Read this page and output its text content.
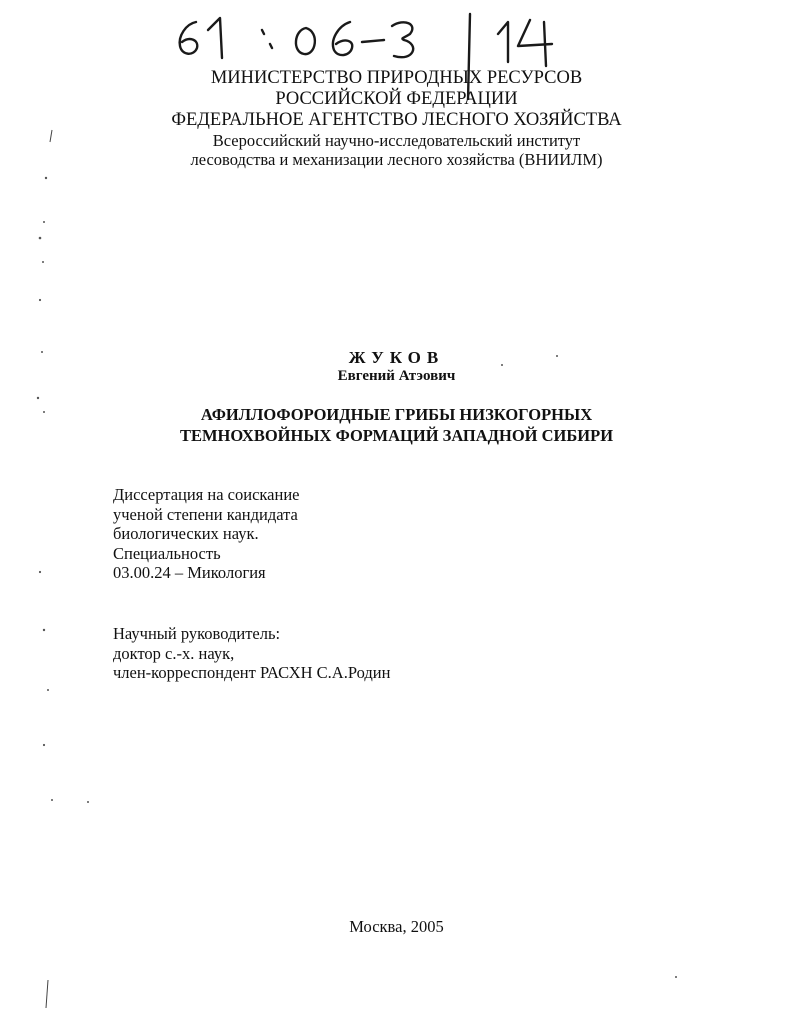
МИНИСТЕРСТВО ПРИРОДНЫХ РЕСУРСОВ
РОССИЙСКОЙ ФЕДЕРАЦИИ
ФЕДЕРАЛЬНОЕ АГЕНТСТВО ЛЕСНОГО ХОЗЯЙСТВА
Всероссийский научно-исследовательский институт
лесоводства и механизации лесного хозяйства (ВНИИЛМ)
ЖУКОВ
Евгений Атэович
АФИЛЛОФОРОИДНЫЕ ГРИБЫ НИЗКОГОРНЫХ
ТЕМНОХВОЙНЫХ ФОРМАЦИЙ ЗАПАДНОЙ СИБИРИ
Диссертация на соискание
ученой степени кандидата
биологических наук.
Специальность
03.00.24 – Микология
Научный руководитель:
доктор с.-х. наук,
член-корреспондент РАСХН С.А.Родин
Москва, 2005
